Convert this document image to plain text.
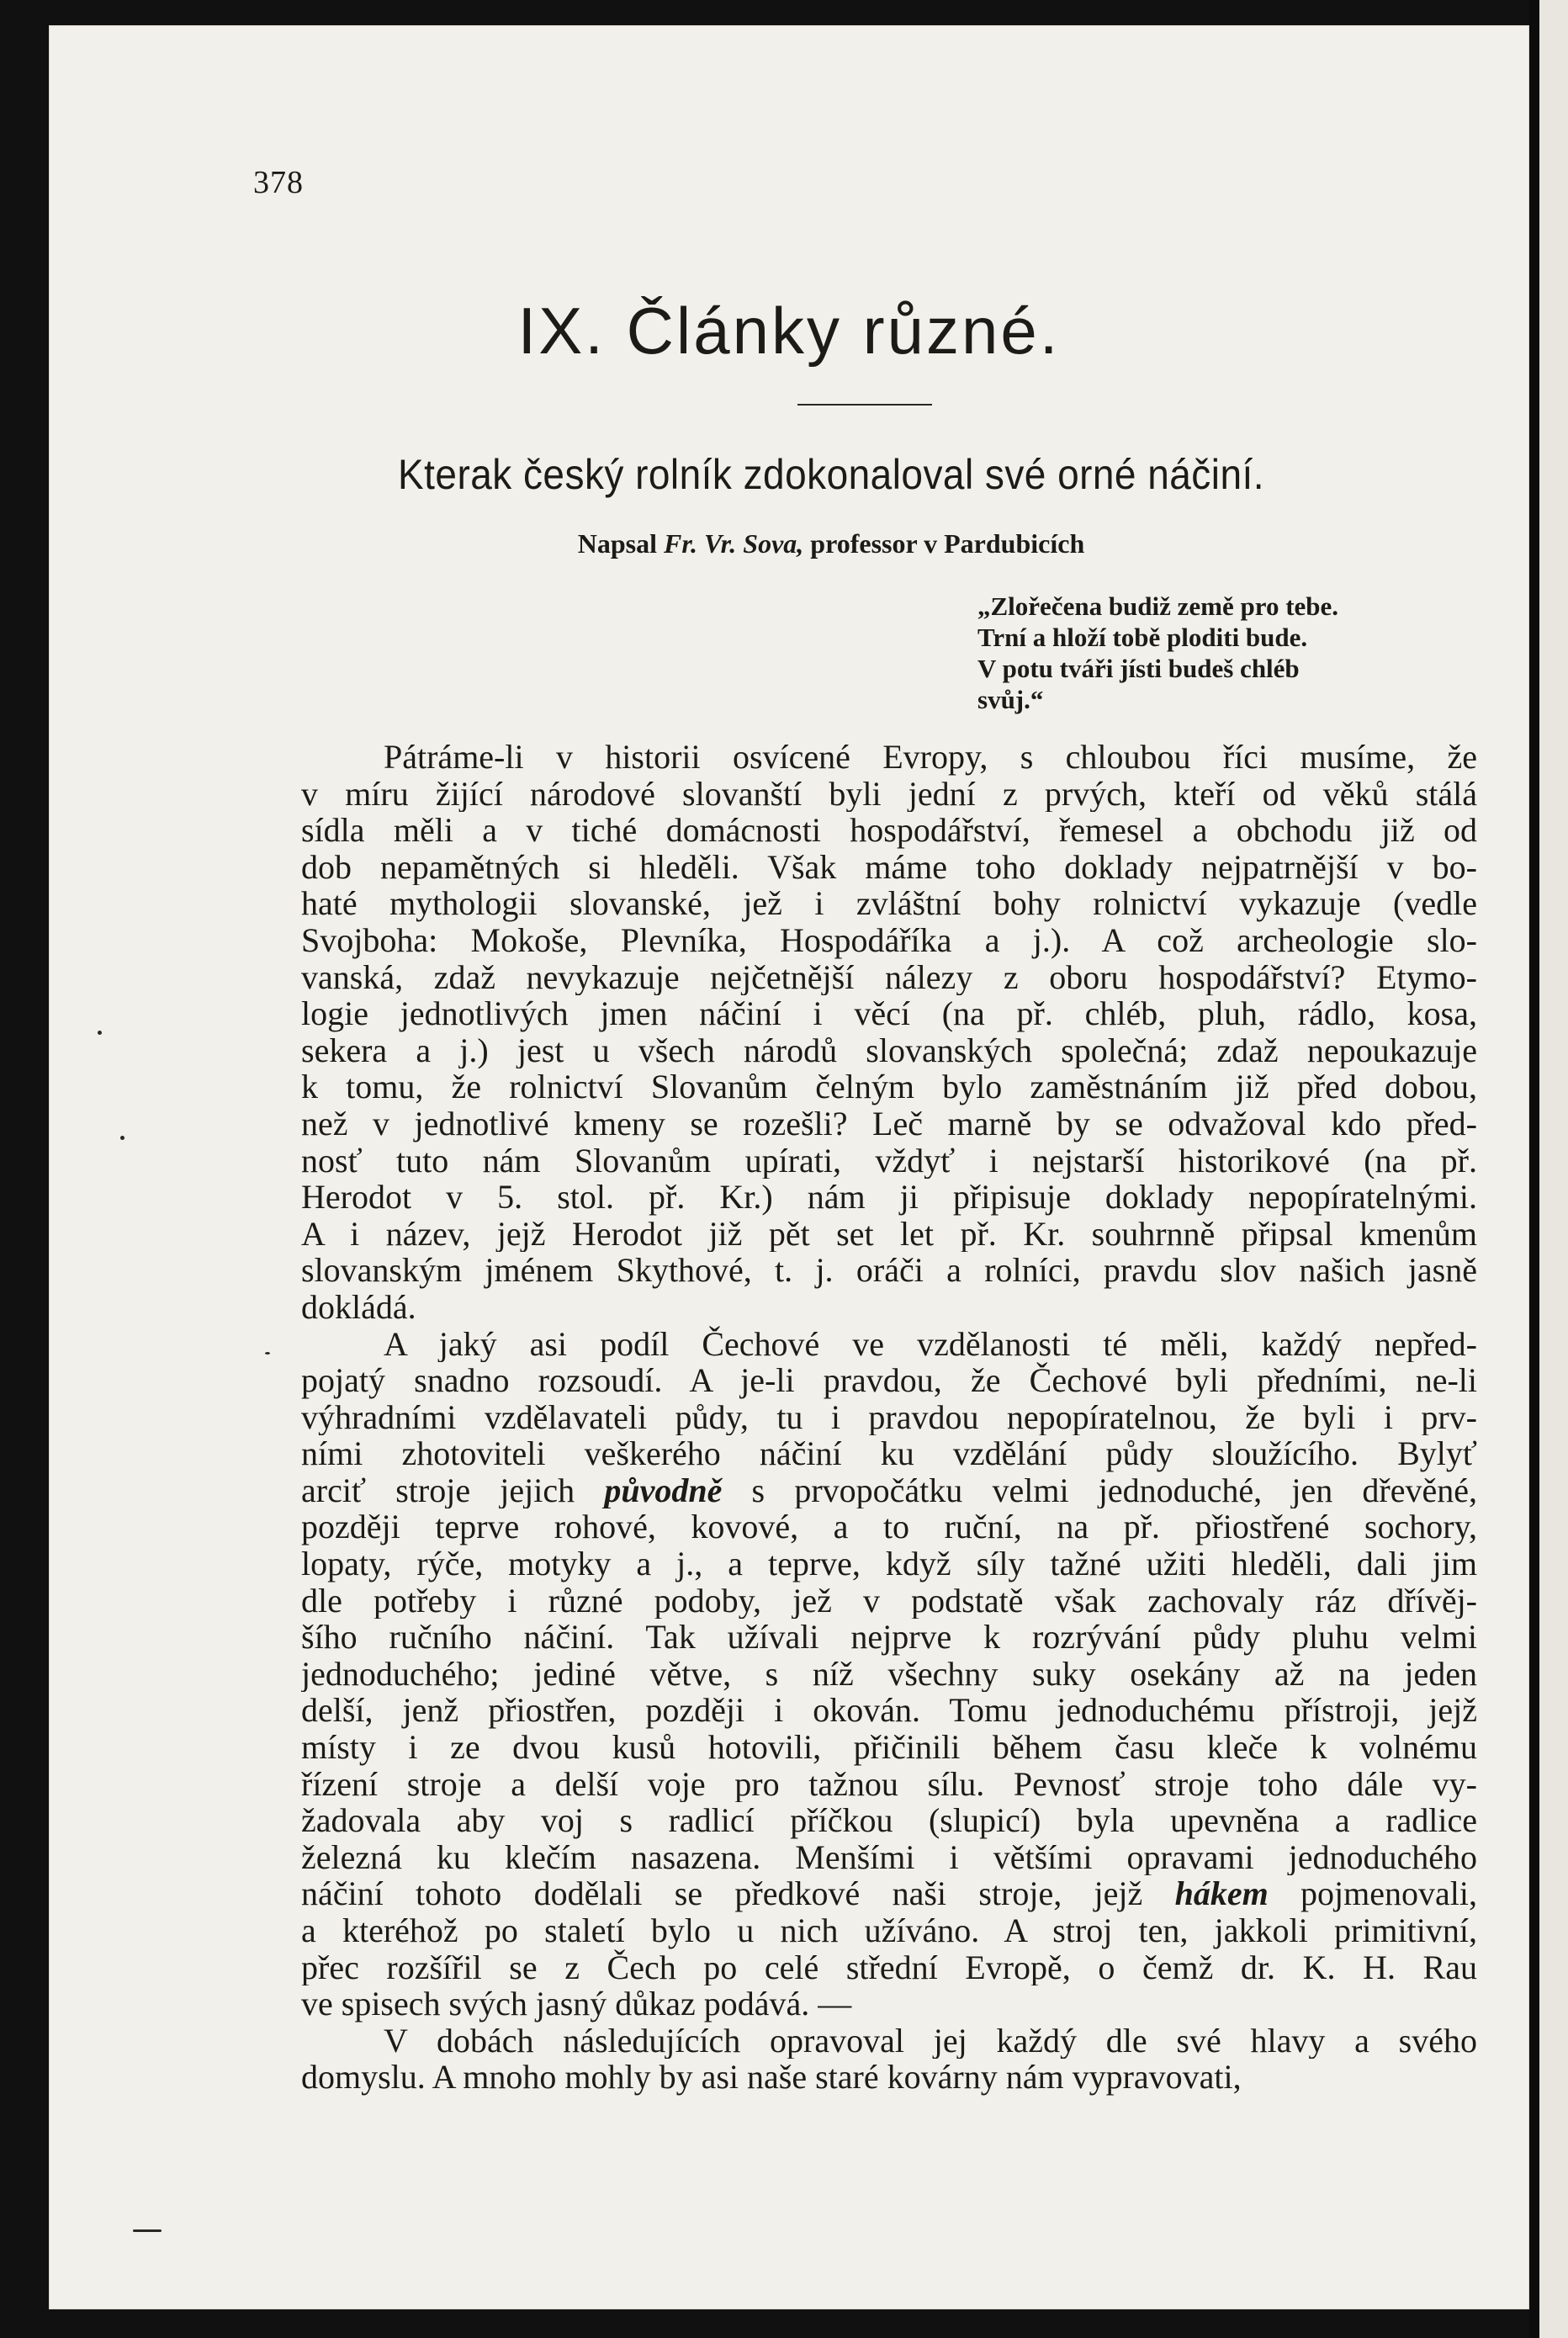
378
IX. Články různé.
Kterak český rolník zdokonaloval své orné náčiní.
Napsal Fr. Vr. Sova, professor v Pardubicích
„Zlořečena budiž země pro tebe.
Trní a hloží tobě ploditi bude.
V potu tváři jísti budeš chléb
svůj.“
Pátráme-li v historii osvícené Evropy, s chloubou říci musíme, že
v míru žijící národové slovanští byli jední z prvých, kteří od věků stálá
sídla měli a v tiché domácnosti hospodářství, řemesel a obchodu již od
dob nepamětných si hleděli. Však máme toho doklady nejpatrnější v bo-
haté mythologii slovanské, jež i zvláštní bohy rolnictví vykazuje (vedle
Svojboha: Mokoše, Plevníka, Hospodáříka a j.). A což archeologie slo-
vanská, zdaž nevykazuje nejčetnější nálezy z oboru hospodářství? Etymo-
logie jednotlivých jmen náčiní i věcí (na př. chléb, pluh, rádlo, kosa,
sekera a j.) jest u všech národů slovanských společná; zdaž nepoukazuje
k tomu, že rolnictví Slovanům čelným bylo zaměstnáním již před dobou,
než v jednotlivé kmeny se rozešli? Leč marně by se odvažoval kdo před-
nosť tuto nám Slovanům upírati, vždyť i nejstarší historikové (na př.
Herodot v 5. stol. př. Kr.) nám ji připisuje doklady nepopíratelnými.
A i název, jejž Herodot již pět set let př. Kr. souhrnně připsal kmenům
slovanským jménem Skythové, t. j. oráči a rolníci, pravdu slov našich jasně
dokládá.
A jaký asi podíl Čechové ve vzdělanosti té měli, každý nepřed-
pojatý snadno rozsoudí. A je-li pravdou, že Čechové byli předními, ne-li
výhradními vzdělavateli půdy, tu i pravdou nepopíratelnou, že byli i prv-
ními zhotoviteli veškerého náčiní ku vzdělání půdy sloužícího. Bylyť
arciť stroje jejich původně s prvopočátku velmi jednoduché, jen dřevěné,
později teprve rohové, kovové, a to ruční, na př. přiostřené sochory,
lopaty, rýče, motyky a j., a teprve, když síly tažné užiti hleděli, dali jim
dle potřeby i různé podoby, jež v podstatě však zachovaly ráz dřívěj-
šího ručního náčiní. Tak užívali nejprve k rozrývání půdy pluhu velmi
jednoduchého; jediné větve, s níž všechny suky osekány až na jeden
delší, jenž přiostřen, později i okován. Tomu jednoduchému přístroji, jejž
místy i ze dvou kusů hotovili, přičinili během času kleče k volnému
řízení stroje a delší voje pro tažnou sílu. Pevnosť stroje toho dále vy-
žadovala aby voj s radlicí příčkou (slupicí) byla upevněna a radlice
železná ku klečím nasazena. Menšími i většími opravami jednoduchého
náčiní tohoto dodělali se předkové naši stroje, jejž hákem pojmenovali,
a kteréhož po staletí bylo u nich užíváno. A stroj ten, jakkoli primitivní,
přec rozšířil se z Čech po celé střední Evropě, o čemž dr. K. H. Rau
ve spisech svých jasný důkaz podává. —
V dobách následujících opravoval jej každý dle své hlavy a svého
domyslu. A mnoho mohly by asi naše staré kovárny nám vypravovati,
